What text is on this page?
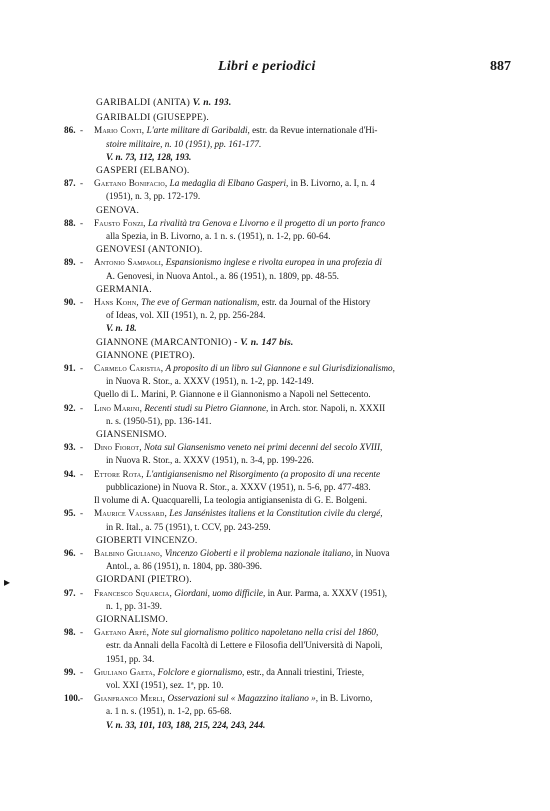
Libri e periodici	887
GARIBALDI (ANITA) V. n. 193.
GARIBALDI (GIUSEPPE).
86. - Mario Conti, L'arte militare di Garibaldi, estr. da Revue internationale d'Hi-
stoire militaire, n. 10 (1951), pp. 161-177.
V. n. 73, 112, 128, 193.
GASPERI (ELBANO).
87. - Gaetano Bonifacio, La medaglia di Elbano Gasperi, in B. Livorno, a. I, n. 4
(1951), n. 3, pp. 172-179.
GENOVA.
88. - Fausto Fonzi, La rivalità tra Genova e Livorno e il progetto di un porto franco
alla Spezia, in B. Livorno, a. 1 n. s. (1951), n. 1-2, pp. 60-64.
GENOVESI (ANTONIO).
89. - Antonio Sampaoli, Espansionismo inglese e rivolta europea in una profezia di
A. Genovesi, in Nuova Antol., a. 86 (1951), n. 1809, pp. 48-55.
GERMANIA.
90. - Hans Kohn, The eve of German nationalism, estr. da Journal of the History
of Ideas, vol. XII (1951), n. 2, pp. 256-284.
V. n. 18.
GIANNONE (MARCANTONIO) - V. n. 147 bis.
GIANNONE (PIETRO).
91. - Carmelo Caristia, A proposito di un libro sul Giannone e sul Giurisdizionalismo,
in Nuova R. Stor., a. XXXV (1951), n. 1-2, pp. 142-149.
Quello di L. Marini, P. Giannone e il Giannonismo a Napoli nel Settecento.
92. - Lino Marini, Recenti studi su Pietro Giannone, in Arch. stor. Napoli, n. XXXII
n. s. (1950-51), pp. 136-141.
GIANSENISMO.
93. - Dino Fiorot, Nota sul Giansenismo veneto nei primi decenni del secolo XVIII,
in Nuova R. Stor., a. XXXV (1951), n. 3-4, pp. 199-226.
94. - Ettore Rota, L'antigiansenismo nel Risorgimento (a proposito di una recente
pubblicazione) in Nuova R. Stor., a. XXXV (1951), n. 5-6, pp. 477-483.
Il volume di A. Quacquarelli, La teologia antigiansenista di G. E. Bolgeni.
95. - Maurice Vaussard, Les Jansénistes italiens et la Constitution civile du clergé,
in R. Ital., a. 75 (1951), t. CCV, pp. 243-259.
GIOBERTI VINCENZO.
96. - Balbino Giuliano, Vincenzo Gioberti e il problema nazionale italiano, in Nuova
Antol., a. 86 (1951), n. 1804, pp. 380-396.
GIORDANI (PIETRO).
97. - Francesco Squarcia, Giordani, uomo difficile, in Aur. Parma, a. XXXV (1951),
n. 1, pp. 31-39.
GIORNALISMO.
98. - Gaetano Arfé, Note sul giornalismo politico napoletano nella crisi del 1860,
estr. da Annali della Facoltà di Lettere e Filosofia dell'Università di Napoli,
1951, pp. 34.
99. - Giuliano Gaeta, Folclore e giornalismo, estr., da Annali triestini, Trieste,
vol. XXI (1951), sez. 1ª, pp. 10.
100. - Gianfranco Merli, Osservazioni sul « Magazzino italiano », in B. Livorno,
a. 1 n. s. (1951), n. 1-2, pp. 65-68.
V. n. 33, 101, 103, 188, 215, 224, 243, 244.
▸
